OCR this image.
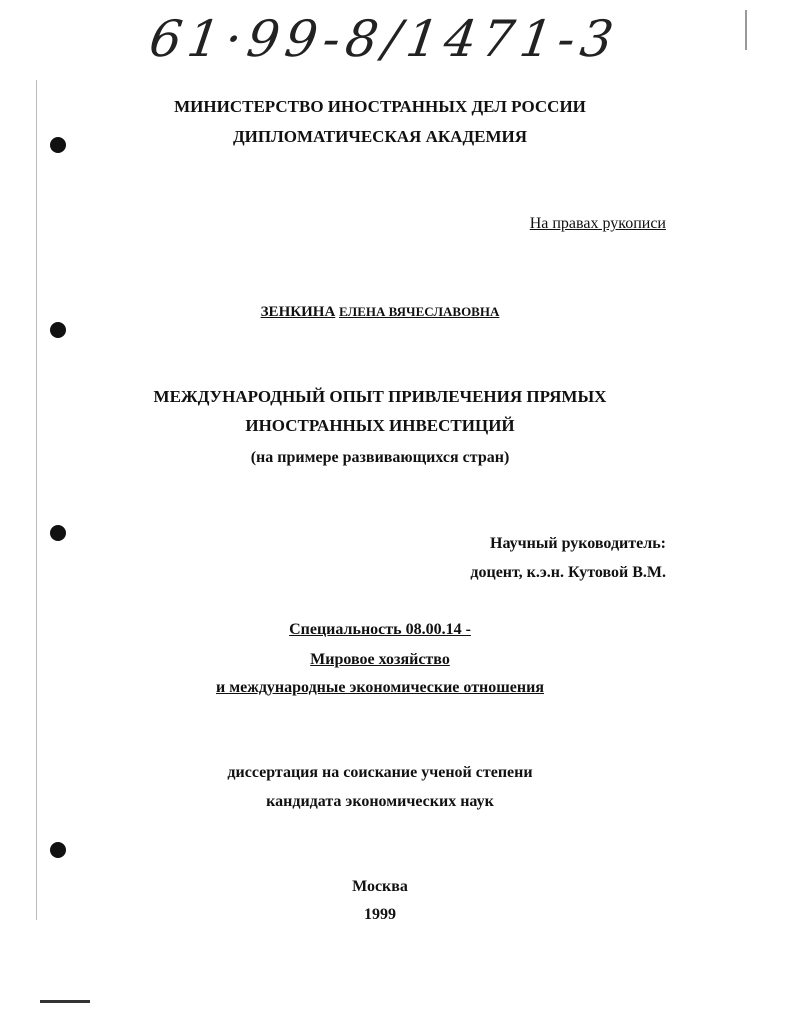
61·99-8/1471-3
МИНИСТЕРСТВО ИНОСТРАННЫХ ДЕЛ РОССИИ
ДИПЛОМАТИЧЕСКАЯ АКАДЕМИЯ
На правах рукописи
ЗЕНКИНА ЕЛЕНА ВЯЧЕСЛАВОВНА
МЕЖДУНАРОДНЫЙ ОПЫТ ПРИВЛЕЧЕНИЯ ПРЯМЫХ
ИНОСТРАННЫХ ИНВЕСТИЦИЙ
(на примере развивающихся стран)
Научный руководитель:
доцент, к.э.н. Кутовой В.М.
Специальность 08.00.14 -
Мировое хозяйство
и международные экономические отношения
диссертация на соискание ученой степени
кандидата экономических наук
Москва
1999
